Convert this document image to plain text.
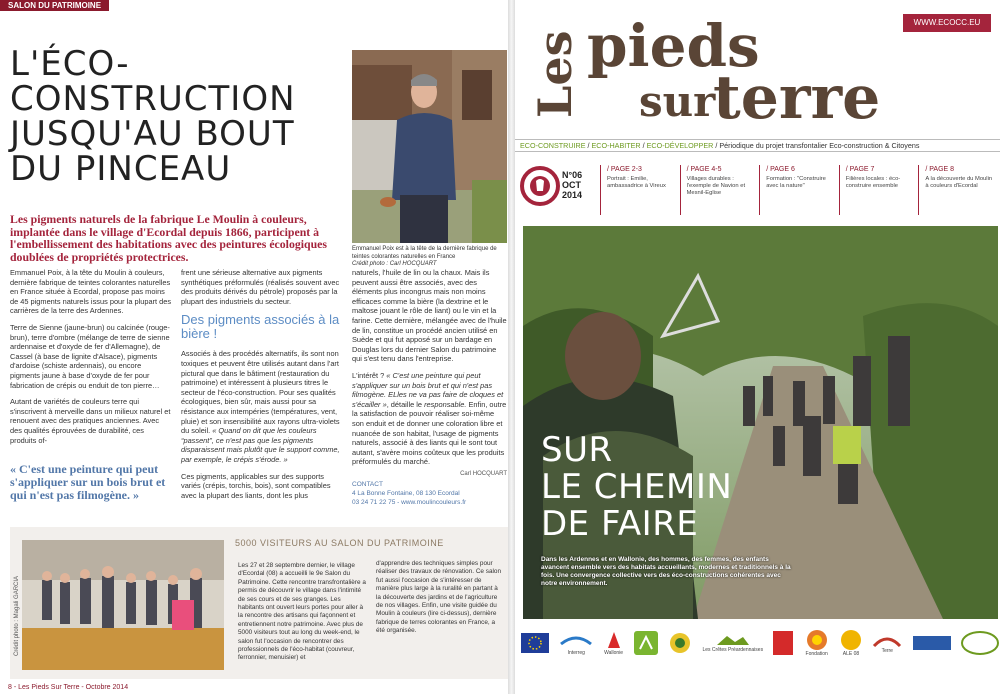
SALON DU PATRIMOINE
L'ÉCO-
CONSTRUCTION
JUSQU'AU BOUT
DU PINCEAU
Emmanuel Poix est à la tête de la dernière fabrique de teintes colorantes naturelles en France
Crédit photo : Carl HOCQUART

Les pigments naturels de la fabrique Le Moulin à couleurs, implantée dans le village d'Ecordal depuis 1866, participent à l'embellissement des habitations avec des peintures écologiques doublées de propriétés protectrices.

Emmanuel Poix, à la tête du Moulin à couleurs, dernière fabrique de teintes colorantes naturelles en France située à Ecordal, propose pas moins de 45 pigments naturels issus pour la plupart des carrières de la terre des Ardennes.

Terre de Sienne (jaune-brun) ou calcinée (rouge-brun), terre d'ombre (mélange de terre de sienne ardennaise et d'oxyde de fer d'Allemagne), de Cassel (à base de lignite d'Alsace), pigments d'ardoise (schiste ardennais), ou encore pigments jaune à base d'oxyde de fer pour fabrication de crépis ou enduit de ton pierre…

Autant de variétés de couleurs terre qui s'inscrivent à merveille dans un milieux naturel et renouent avec des pratiques anciennes. Avec des qualités éprouvées de durabilité, ces produits of-

« C'est une peinture qui peut s'appliquer sur un bois brut et qui n'est pas filmogène. »

frent une sérieuse alternative aux pigments synthétiques préformulés (réalisés souvent avec des produits dérivés du pétrole) proposés par la plupart des industriels du secteur.

Des pigments associés à la bière !

Associés à des procédés alternatifs, ils sont non toxiques et peuvent être utilisés autant dans l'art pictural que dans le bâtiment (restauration du patrimoine) et intéressent à plusieurs titres le secteur de l'éco-construction. Pour ses qualités écologiques, bien sûr, mais aussi pour sa résistance aux intempéries (températures, vent, pluie) et son insensibilité aux rayons ultra-violets du soleil. « Quand on dit que les couleurs “passent”, ce n'est pas que les pigments disparaissent mais plutôt que le support comme, par exemple, le crépis s'érode. »

Ces pigments, applicables sur des supports variés (crépis, torchis, bois), sont compatibles avec la plupart des liants, dont les plus

naturels, l'huile de lin ou la chaux. Mais ils peuvent aussi être associés, avec des éléments plus incongrus mais non moins efficaces comme la bière (la dextrine et le maltose jouant le rôle de liant) ou le vin et la farine. Cette dernière, mélangée avec de l'huile de lin, constitue un procédé ancien utilisé en Suède et qui fut apposé sur un bardage en Douglas lors du dernier Salon du patrimoine qui s'est tenu dans l'entreprise.

L'intérêt ? « C'est une peinture qui peut s'appliquer sur un bois brut et qui n'est pas filmogène. ELles ne va pas faire de cloques et s'écailler », détaille le responsable. Enfin, outre la satisfaction de pouvoir réaliser soi-même son enduit et de donner une coloration libre et nuancée de son habitat, l'usage de pigments naturels, associé à des liants qui le sont tout autant, s'avère moins coûteux que les produits préformulés du marché.

Carl HOCQUART
CONTACT
4 La Bonne Fontaine, 08 130 Ecordal
03 24 71 22 75 - www.moulincouleurs.fr
5000 VISITEURS AU SALON DU PATRIMOINE
Crédit photo : Magali GARCIA

Les 27 et 28 septembre dernier, le village d'Ecordal (08) a accueilli le 9e Salon du Patrimoine. Cette rencontre transfrontalière a permis de découvrir le village dans l'intimité de ses cours et de ses granges. Les habitants ont ouvert leurs portes pour aller à la rencontre des artisans qui façonnent et entretiennent notre patrimoine. Avec plus de 5000 visiteurs tout au long du week-end, le salon fut l'occasion de rencontrer des professionnels de l'éco-habitat (couvreur, ferronnier, menuisier) et

d'apprendre des techniques simples pour réaliser des travaux de rénovation. Ce salon fut aussi l'occasion de s'intéresser de manière plus large à la ruralité en partant à la découverte des jardins et de l'agriculture de nos villages. Enfin, une visite guidée du Moulin à couleurs (lire ci-dessus), dernière fabrique de terres colorantes en France, a été organisée.

8 - Les Pieds Sur Terre - Octobre 2014
WWW.ECOCC.EU
Les pieds
sur
terre
ECO-CONSTRUIRE / ECO-HABITER / ECO-DÉVELOPPER / Périodique du projet transfontalier Eco-construction & Citoyens
N°06
OCT
2014
/ PAGE 2-3
Portrait : Emilie, ambassadrice à Vireux
/ PAGE 4-5
Villages durables : l'exemple de Navion et Mesnil-Eglise
/ PAGE 6
Formation : "Construire avec la nature"
/ PAGE 7
Filières locales : éco-construire ensemble
/ PAGE 8
A la découverte du Moulin à couleurs d'Ecordal
SUR
LE CHEMIN
DE FAIRE

Dans les Ardennes et en Wallonie, des hommes, des femmes, des enfants avancent ensemble vers des habitats accueillants, modernes et traditionnels à la fois. Une convergence collective vers des éco-constructions cohérentes avec notre environnement.

Interreg	Wallonie	Les Crêtes Préardennaises
Fondation	ALE 08	Terre
